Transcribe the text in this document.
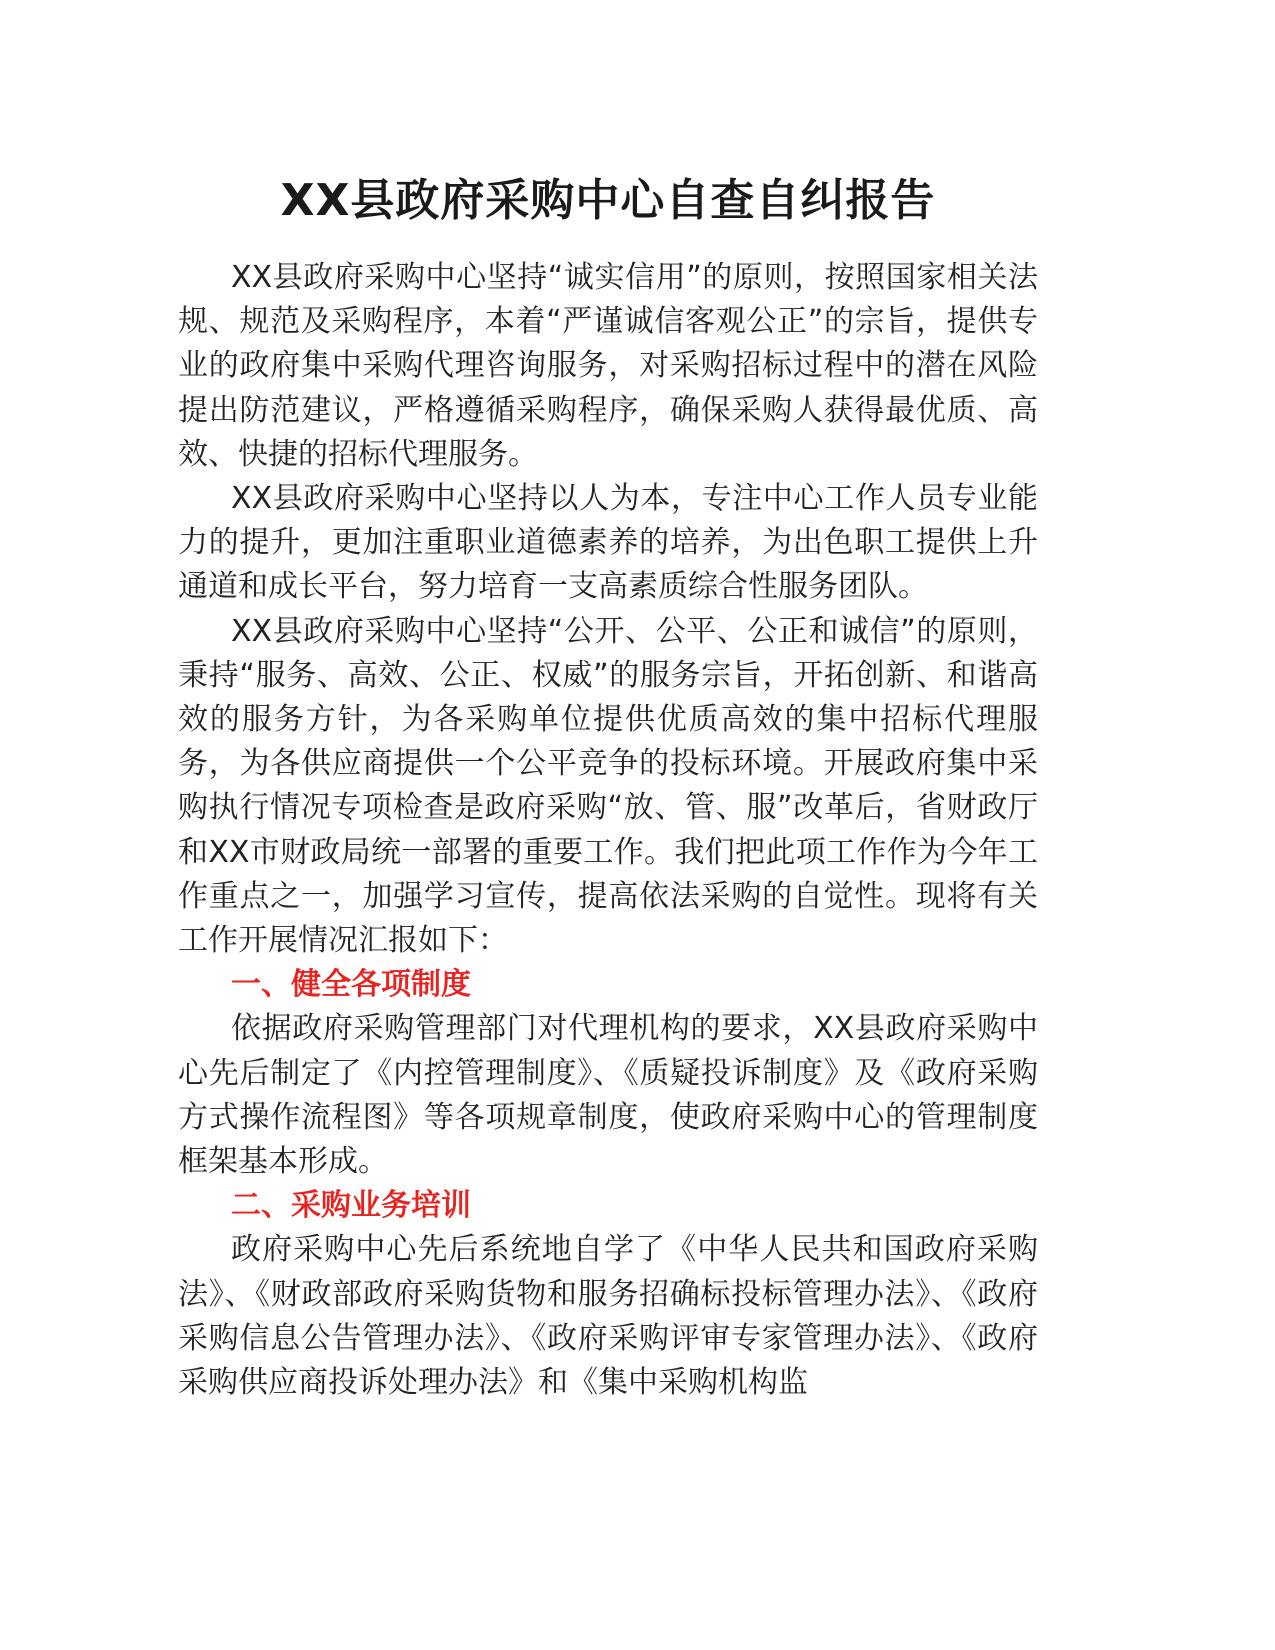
XX县政府采购中心自查自纠报告

XX县政府采购中心坚持“诚实信用”的原则，按照国家相关法规、规范及采购程序，本着“严谨诚信客观公正”的宗旨，提供专业的政府集中采购代理咨询服务，对采购招标过程中的潜在风险提出防范建议，严格遵循采购程序，确保采购人获得最优质、高效、快捷的招标代理服务。

XX县政府采购中心坚持以人为本，专注中心工作人员专业能力的提升，更加注重职业道德素养的培养，为出色职工提供上升通道和成长平台，努力培育一支高素质综合性服务团队。

XX县政府采购中心坚持“公开、公平、公正和诚信”的原则，秉持“服务、高效、公正、权威”的服务宗旨，开拓创新、和谐高效的服务方针，为各采购单位提供优质高效的集中招标代理服务，为各供应商提供一个公平竞争的投标环境。开展政府集中采购执行情况专项检查是政府采购“放、管、服”改革后，省财政厅和XX市财政局统一部署的重要工作。我们把此项工作作为今年工作重点之一，加强学习宣传，提高依法采购的自觉性。现将有关工作开展情况汇报如下：

一、健全各项制度

依据政府采购管理部门对代理机构的要求，XX县政府采购中心先后制定了《内控管理制度》、《质疑投诉制度》及《政府采购方式操作流程图》等各项规章制度，使政府采购中心的管理制度框架基本形成。

二、采购业务培训

政府采购中心先后系统地自学了《中华人民共和国政府采购法》、《财政部政府采购货物和服务招确标投标管理办法》、《政府采购信息公告管理办法》、《政府采购评审专家管理办法》、《政府采购供应商投诉处理办法》和《集中采购机构监
